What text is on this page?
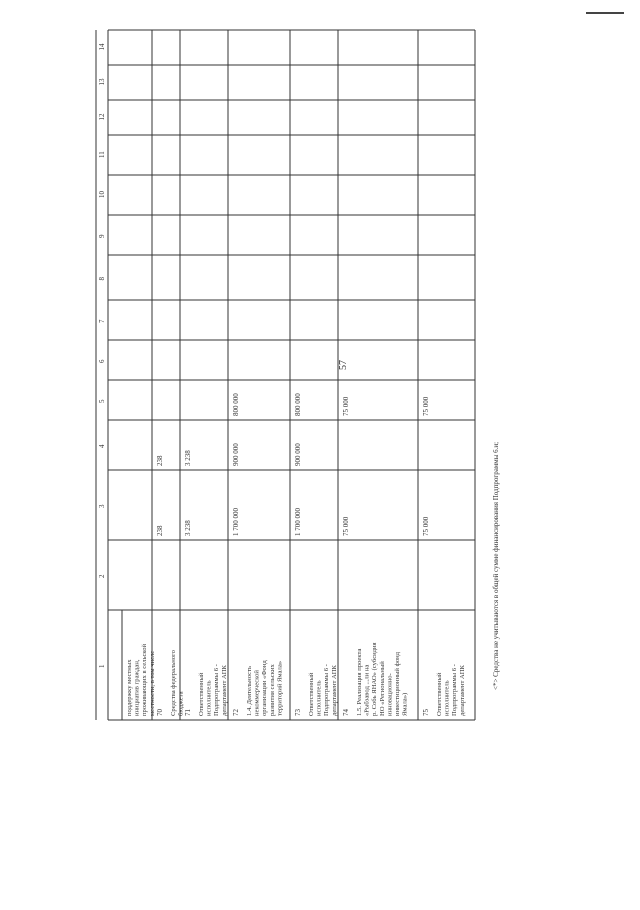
57
1
2
3
4
5
6
7
8
9
10
11
12
13
14
поддержку местных инициатив граждан, проживающих в сельской местности, в том числе 70 Средства федерального бюджета
238
238
71 Ответственный исполнитель Подпрограммы 6 - департамент АПК
3 238
3 238
72 1.4. Деятельность некоммерческой организации «Фонд развития сельских территорий Ямала»
1 700 000
900 000
800 000
73 Ответственный исполнитель Подпрограммы 6 - департамент АПК
1 700 000
900 000
800 000
74 1.5. Реализация проекта «Рыбзавод ...ли на р. Собь ЯНАО» (субсидия НО «Региональный инновационно- инвестиционный фонд Ямала»)
75 000
75 000
75 Ответственный исполнитель Подпрограммы 6 - департамент АПК
75 000
75 000
<*> Средства не учитываются в общей сумме финансирования Подпрограммы 6.и;
